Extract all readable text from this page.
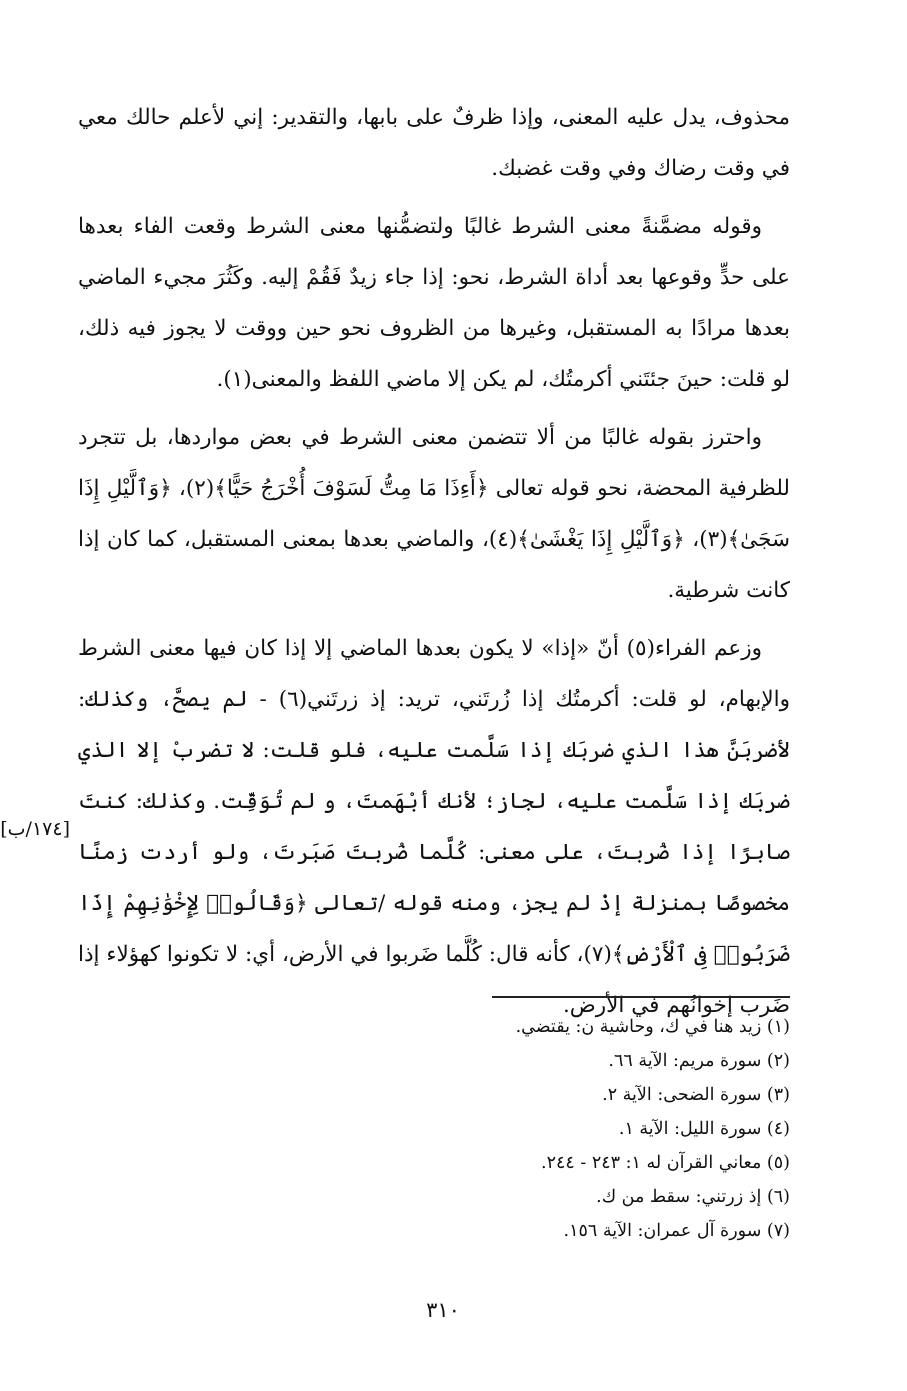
محذوف، يدل عليه المعنى، وإذا ظرفٌ على بابها، والتقدير: إني لأعلم حالك معي في وقت رضاك وفي وقت غضبك.

وقوله مضمَّنةً معنى الشرط غالبًا ولتضمُّنها معنى الشرط وقعت الفاء بعدها على حدٍّ وقوعها بعد أداة الشرط، نحو: إذا جاء زيدٌ فَقُمْ إليه. وكَثُرَ مجيء الماضي بعدها مرادًا به المستقبل، وغيرها من الظروف نحو حين ووقت لا يجوز فيه ذلك، لو قلت: حينَ جئتَني أكرمتُك، لم يكن إلا ماضي اللفظ والمعنى(١).

واحترز بقوله غالبًا من ألا تتضمن معنى الشرط في بعض مواردها، بل تتجرد للظرفية المحضة، نحو قوله تعالى ﴿أَءِذَا مَا مِتُّ لَسَوْفَ أُخْرَجُ حَيًّا﴾(٢)، ﴿وَٱلَّيْلِ إِذَا سَجَىٰ﴾(٣)، ﴿وَٱلَّيْلِ إِذَا يَغْشَىٰ﴾(٤)، والماضي بعدها بمعنى المستقبل، كما كان إذا كانت شرطية.

وزعم الفراء(٥) أنّ «إذا» لا يكون بعدها الماضي إلا إذا كان فيها معنى الشرط والإبهام، لو قلت: أكرمتُك إذا زُرتَني، تريد: إذ زرتَني(٦) - لم يصحَّ، وكذلك: لأضربَنَّ هذا الذي ضربَك إذا سَلَّمت عليه، فلو قلت: لا تضربْ إلا الذي ضربَك إذا سَلَّمت عليه، لجاز؛ لأنك أبْهَمتَ، و لم تُوَقِّت. وكذلك: كنتَ صابرًا إذا ضُربتَ، على معنى: كُلَّما ضُربتَ صَبَرتَ، ولو أردت زمنًا مخصوصًا بمنزلة إذْ لم يجز، ومنه قوله /تعالى ﴿وَقَالُوا۟ لِإِخْوَٰنِهِمْ إِذَا ضَرَبُوا۟ فِى ٱلْأَرْضِ﴾(٧)، كأنه قال: كُلَّما ضَربوا في الأرض، أي: لا تكونوا كهؤلاء إذا ضَرب إخوانُهم في الأرض.

[١٧٤/ب]
(١) زيد هنا في ك، وحاشية ن: يقتضي.
(٢) سورة مريم: الآية ٦٦.
(٣) سورة الضحى: الآية ٢.
(٤) سورة الليل: الآية ١.
(٥) معاني القرآن له ١: ٢٤٣ - ٢٤٤.
(٦) إذ زرتني: سقط من ك.
(٧) سورة آل عمران: الآية ١٥٦.
٣١٠
